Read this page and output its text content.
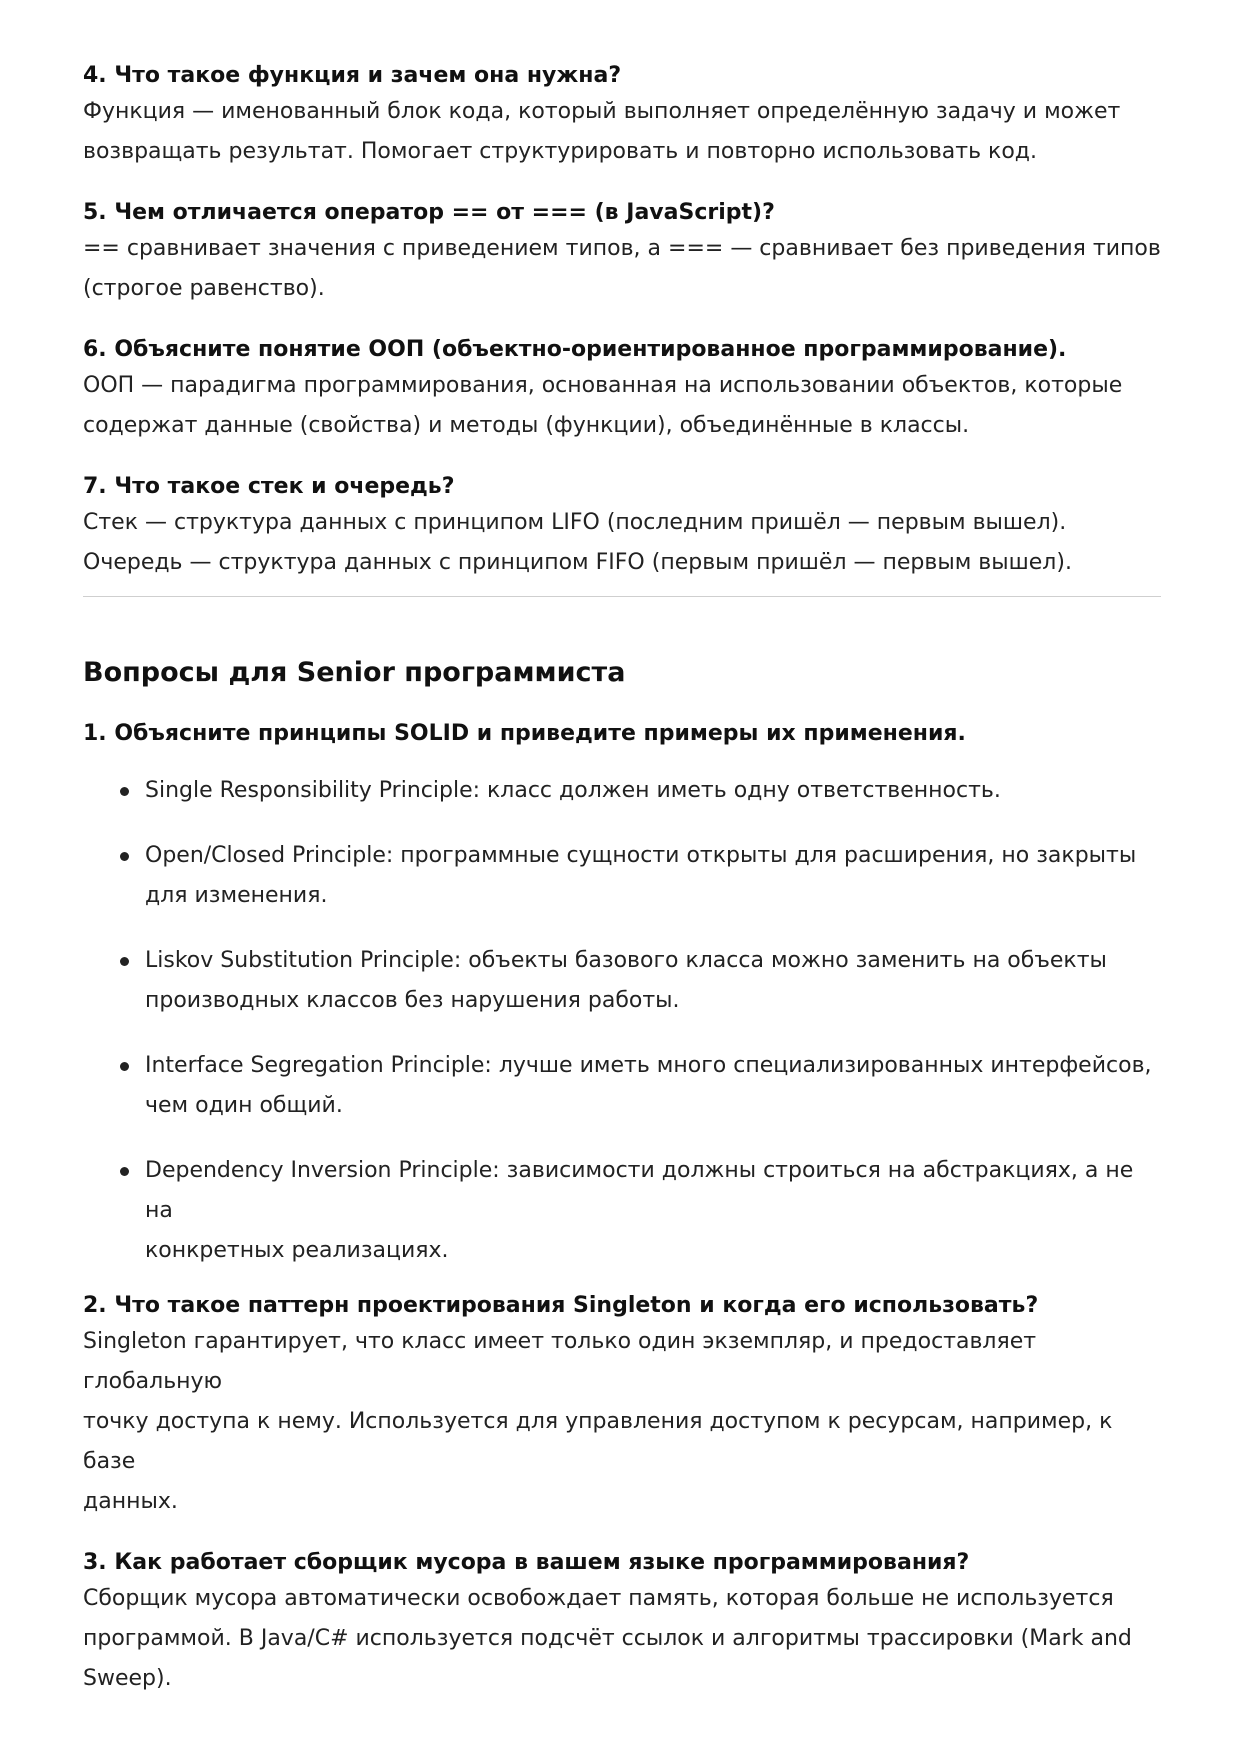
4. Что такое функция и зачем она нужна?

Функция — именованный блок кода, который выполняет определённую задачу и может
возвращать результат. Помогает структурировать и повторно использовать код.

5. Чем отличается оператор == от === (в JavaScript)?

== сравнивает значения с приведением типов, а === — сравнивает без приведения типов
(строгое равенство).

6. Объясните понятие ООП (объектно-ориентированное программирование).

ООП — парадигма программирования, основанная на использовании объектов, которые
содержат данные (свойства) и методы (функции), объединённые в классы.

7. Что такое стек и очередь?

Стек — структура данных с принципом LIFO (последним пришёл — первым вышел).
Очередь — структура данных с принципом FIFO (первым пришёл — первым вышел).

Вопросы для Senior программиста

1. Объясните принципы SOLID и приведите примеры их применения.

Single Responsibility Principle: класс должен иметь одну ответственность.
Open/Closed Principle: программные сущности открыты для расширения, но закрыты
для изменения.
Liskov Substitution Principle: объекты базового класса можно заменить на объекты
производных классов без нарушения работы.
Interface Segregation Principle: лучше иметь много специализированных интерфейсов,
чем один общий.
Dependency Inversion Principle: зависимости должны строиться на абстракциях, а не на
конкретных реализациях.

2. Что такое паттерн проектирования Singleton и когда его использовать?

Singleton гарантирует, что класс имеет только один экземпляр, и предоставляет глобальную
точку доступа к нему. Используется для управления доступом к ресурсам, например, к базе
данных.

3. Как работает сборщик мусора в вашем языке программирования?

Сборщик мусора автоматически освобождает память, которая больше не используется
программой. В Java/C# используется подсчёт ссылок и алгоритмы трассировки (Mark and
Sweep).
